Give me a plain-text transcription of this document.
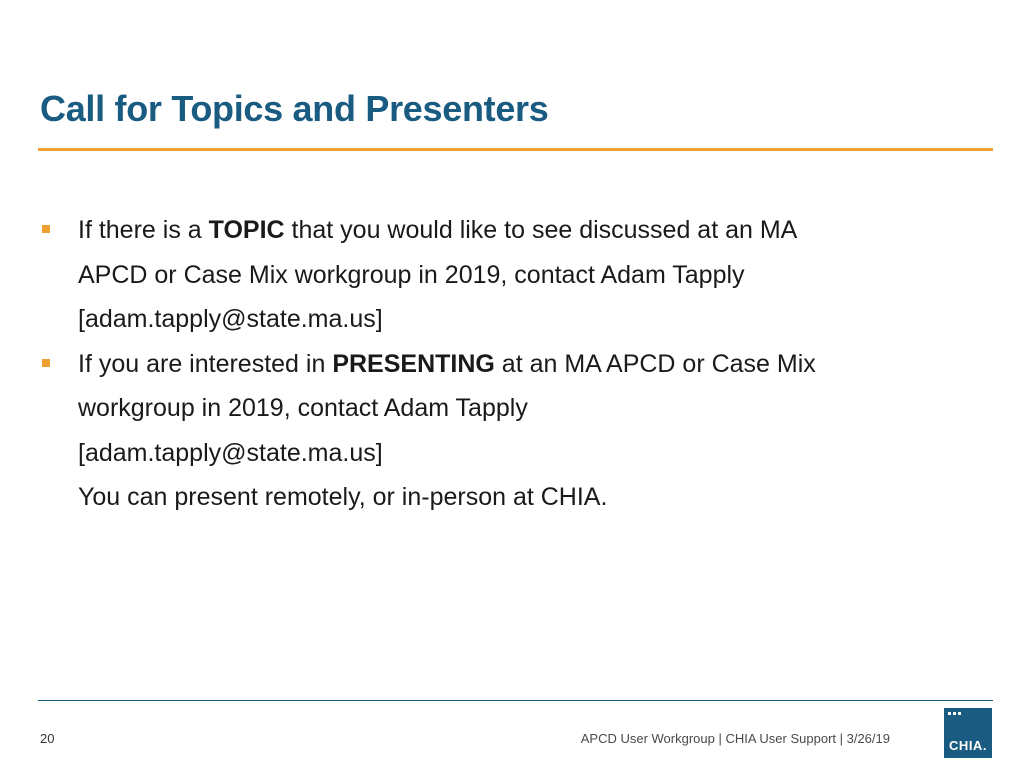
Call for Topics and Presenters
If there is a TOPIC that you would like to see discussed at an MA
APCD or Case Mix workgroup in 2019, contact Adam Tapply
[adam.tapply@state.ma.us]
If you are interested in PRESENTING at an MA APCD or Case Mix
workgroup in 2019, contact Adam Tapply
[adam.tapply@state.ma.us]
You can present remotely, or in-person at CHIA.
20	APCD User Workgroup | CHIA User Support | 3/26/19	CHIA.
